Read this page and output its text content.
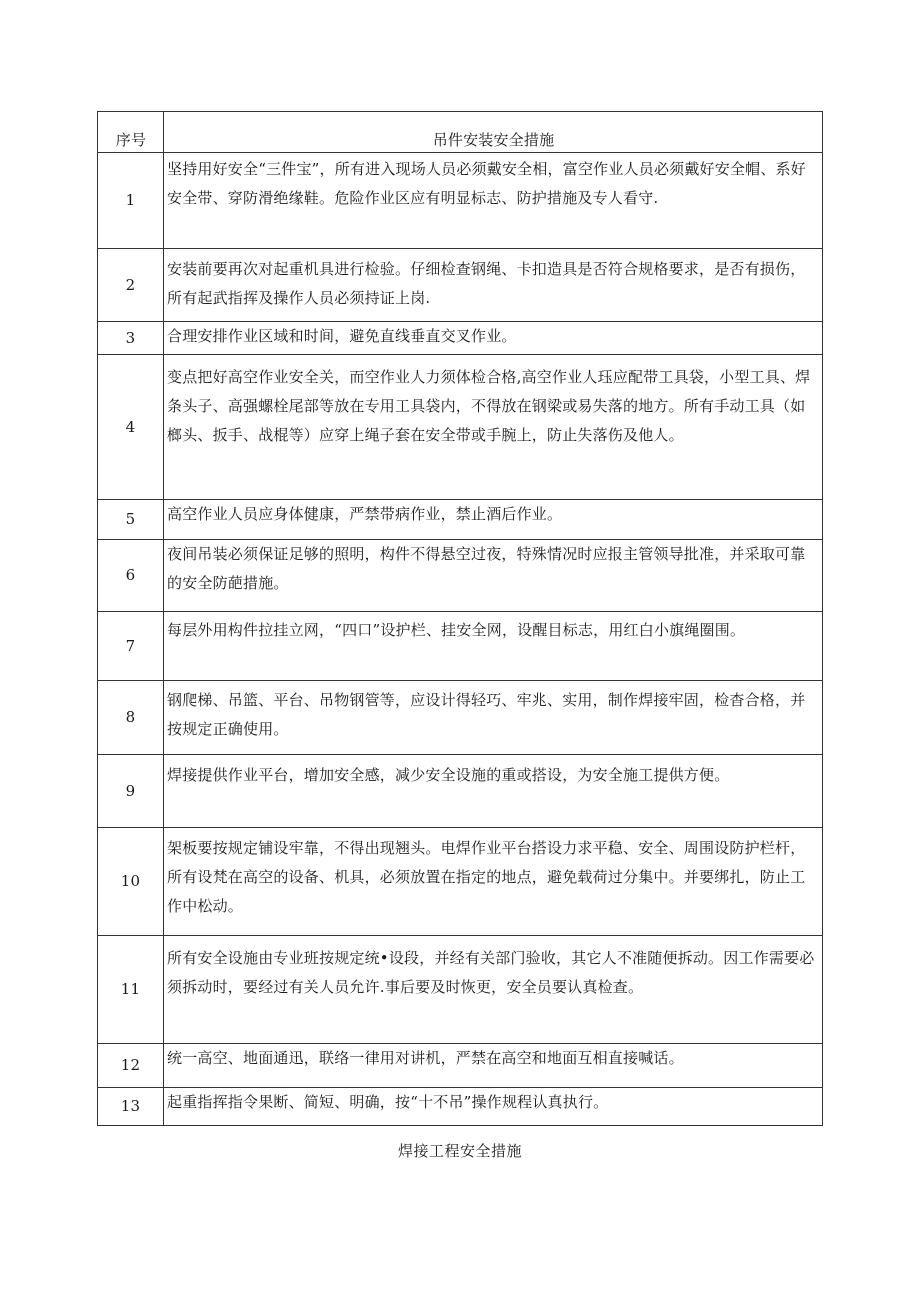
序号	吊件安装安全措施
1	坚持用好安全“三件宝”，所有进入现场人员必须戴安全相，富空作业人员必须戴好安全帽、系好安全带、穿防滑绝缘鞋。危险作业区应有明显标志、防护措施及专人看守.

2	安装前要再次对起重机具进行检验。仔细检查钢绳、卡扣造具是否符合规格要求，是否有损伤，所有起武指挥及操作人员必须持证上岗.

3	合理安排作业区域和时间，避免直线垂直交叉作业。

4	变点把好高空作业安全关，而空作业人力须体检合格,高空作业人珏应配带工具袋，小型工具、焊条头子、高强螺栓尾部等放在专用工具袋内，不得放在钢梁或易失落的地方。所有手动工具（如榔头、扳手、战棍等）应穿上绳子套在安全带或手腕上，防止失落伤及他人。

5	高空作业人员应身体健康，严禁带病作业，禁止酒后作业。

6	夜间吊装必须保证足够的照明，构件不得悬空过夜，特殊情况时应报主管领导批准，并采取可靠的安全防葩措施。

7	每层外用构件拉挂立网，“四口”设护栏、挂安全网，设醒目标志，用红白小旗绳圈围。

8	钢爬梯、吊篮、平台、吊物钢管等，应设计得轻巧、牢兆、实用，制作焊接牢固，检杳合格，并按规定正确使用。

9	焊接提供作业平台，增加安全感，减少安全设施的重或搭设，为安全施工提供方便。

10	架板要按规定铺设牢靠，不得出现翘头。电焊作业平台搭设力求平稳、安全、周围设防护栏杆，所有设梵在高空的设备、机具，必须放置在指定的地点，避免载荷过分集中。并要绑扎，防止工作中松动。

11	所有安全设施由专业班按规定统•设段，并经有关部门验收，其它人不准随便拆动。因工作需要必须拆动时，要经过有关人员允许.事后要及时恢更，安全员要认真检查。

12	统一高空、地面通迅，联络一律用对讲机，严禁在高空和地面互相直接喊话。

13	起重指挥指令果断、简短、明确，按“十不吊”操作规程认真执行。
焊接工程安全措施
